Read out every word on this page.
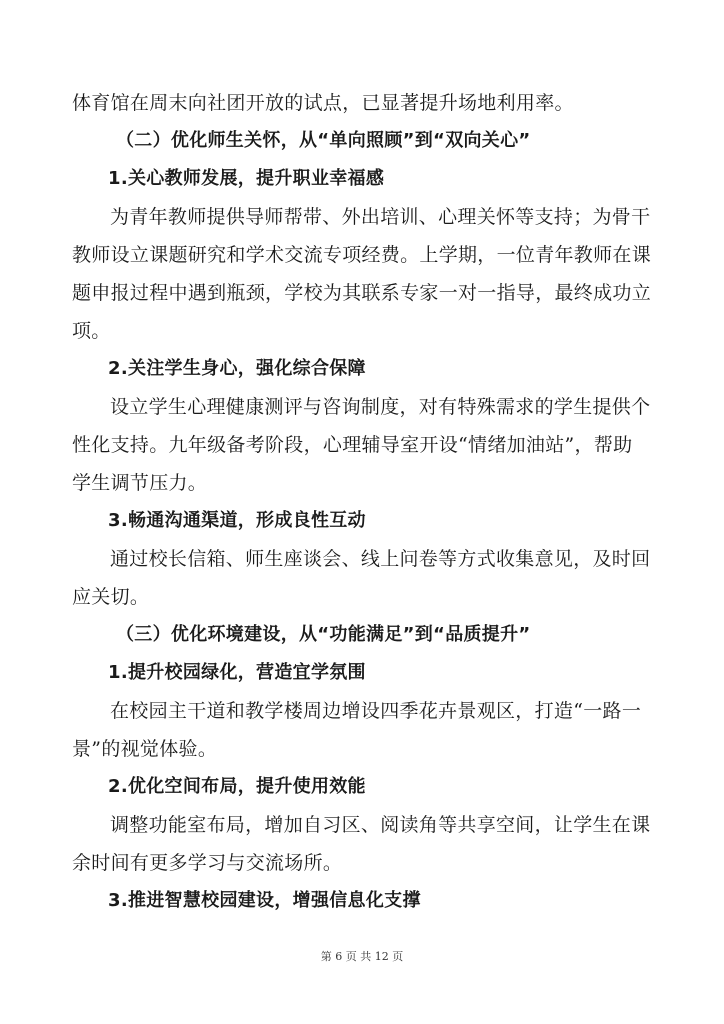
体育馆在周末向社团开放的试点，已显著提升场地利用率。
（二）优化师生关怀，从“单向照顾”到“双向关心”
1.关心教师发展，提升职业幸福感
为青年教师提供导师帮带、外出培训、心理关怀等支持；为骨干
教师设立课题研究和学术交流专项经费。上学期，一位青年教师在课
题申报过程中遇到瓶颈，学校为其联系专家一对一指导，最终成功立
项。
2.关注学生身心，强化综合保障
设立学生心理健康测评与咨询制度，对有特殊需求的学生提供个
性化支持。九年级备考阶段，心理辅导室开设“情绪加油站”，帮助
学生调节压力。
3.畅通沟通渠道，形成良性互动
通过校长信箱、师生座谈会、线上问卷等方式收集意见，及时回
应关切。
（三）优化环境建设，从“功能满足”到“品质提升”
1.提升校园绿化，营造宜学氛围
在校园主干道和教学楼周边增设四季花卉景观区，打造“一路一
景”的视觉体验。
2.优化空间布局，提升使用效能
调整功能室布局，增加自习区、阅读角等共享空间，让学生在课
余时间有更多学习与交流场所。
3.推进智慧校园建设，增强信息化支撑
第 6 页 共 12 页
